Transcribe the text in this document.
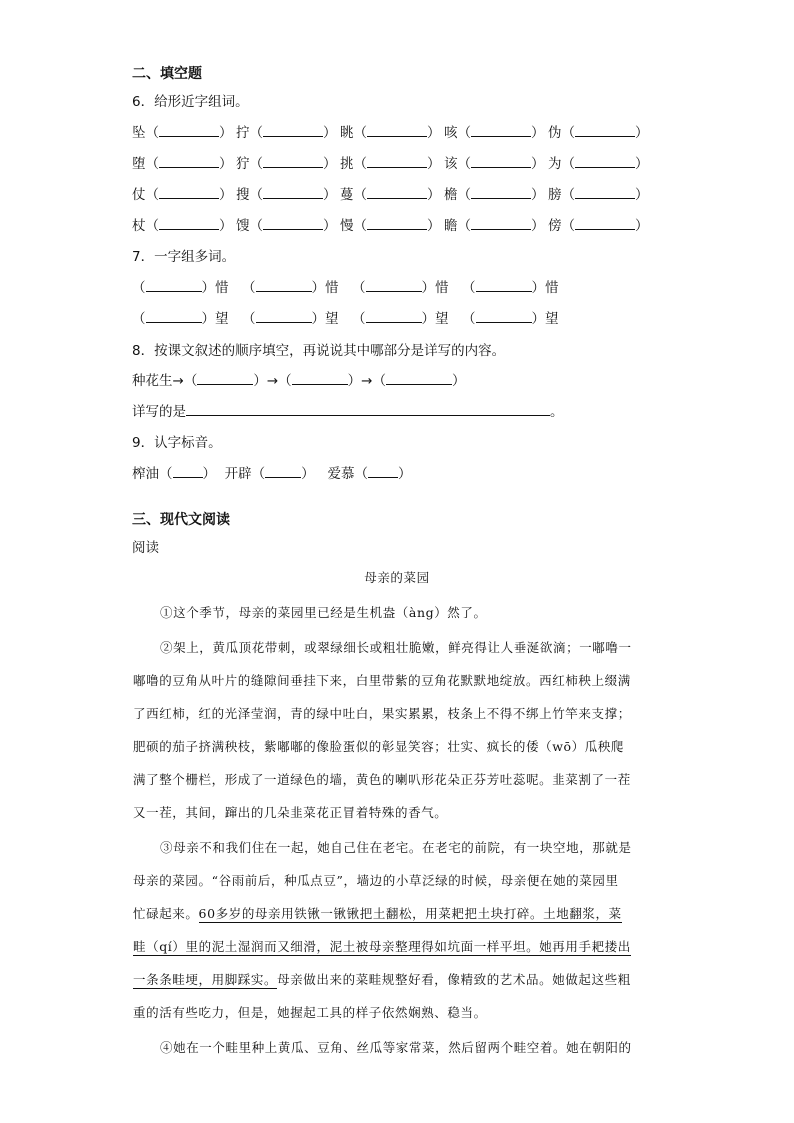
二、填空题
6．给形近字组词。
坠（	） 拧（	） 眺（	） 咳（	） 伪（	）
堕（	） 狞（	） 挑（	） 该（	） 为（	）
仗（	） 搜（	） 蔓（	） 檐（	） 膀（	）
杖（	） 馊（	） 慢（	） 瞻（	） 傍（	）
7．一字组多词。
（	）惜 （	）惜 （	）惜 （	）惜
（	）望 （	）望 （	）望 （	）望
8．按课文叙述的顺序填空，再说说其中哪部分是详写的内容。
种花生→（	）→（	）→（	）
详写的是	。
9．认字标音。
榨油（ ）  开辟（	）   爱慕（ ）
三、现代文阅读
阅读
母亲的菜园
①这个季节，母亲的菜园里已经是生机盎（àng）然了。
②架上，黄瓜顶花带刺，或翠绿细长或粗壮脆嫩，鲜亮得让人垂涎欲滴；一嘟噜一
嘟噜的豆角从叶片的缝隙间垂挂下来，白里带紫的豆角花默默地绽放。西红柿秧上缀满
了西红柿，红的光泽莹润，青的绿中吐白，果实累累，枝条上不得不绑上竹竿来支撑；
肥硕的茄子挤满秧枝，紫嘟嘟的像脸蛋似的彰显笑容；壮实、疯长的倭（wō）瓜秧爬
满了整个栅栏，形成了一道绿色的墙，黄色的喇叭形花朵正芬芳吐蕊呢。韭菜割了一茬
又一茬，其间，蹿出的几朵韭菜花正冒着特殊的香气。
③母亲不和我们住在一起，她自己住在老宅。在老宅的前院，有一块空地，那就是
母亲的菜园。“谷雨前后，种瓜点豆”，墙边的小草泛绿的时候，母亲便在她的菜园里
忙碌起来。60多岁的母亲用铁锹一锹锹把土翻松，用菜耙把土块打碎。土地翻浆，菜
畦（qí）里的泥土湿润而又细滑，泥土被母亲整理得如坑面一样平坦。她再用手耙搂出
一条条畦埂，用脚踩实。母亲做出来的菜畦规整好看，像精致的艺术品。她做起这些粗
重的活有些吃力，但是，她握起工具的样子依然娴熟、稳当。
④她在一个畦里种上黄瓜、豆角、丝瓜等家常菜，然后留两个畦空着。她在朝阳的
